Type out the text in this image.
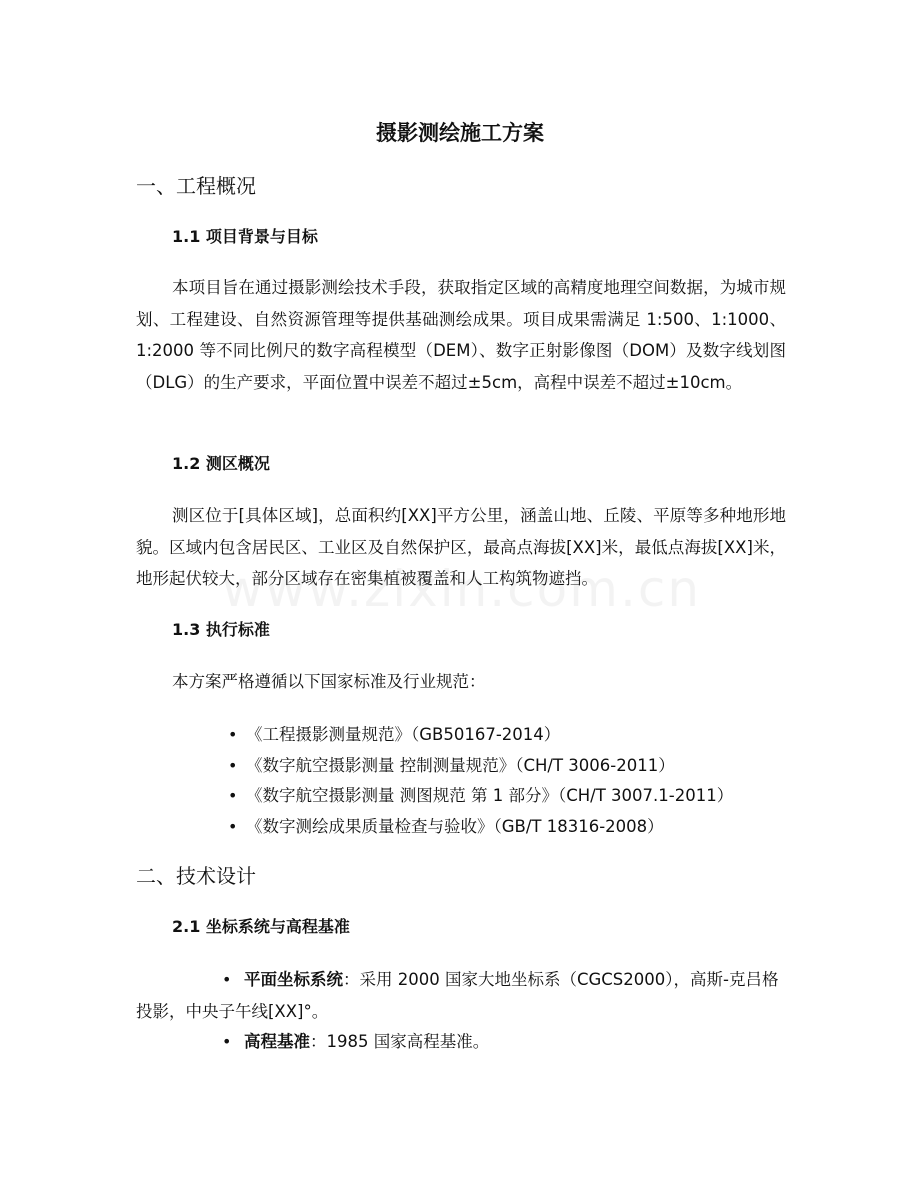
摄影测绘施工方案
一、工程概况
1.1 项目背景与目标

本项目旨在通过摄影测绘技术手段，获取指定区域的高精度地理空间数据，为城市规划、工程建设、自然资源管理等提供基础测绘成果。项目成果需满足 1:500、1:1000、1:2000 等不同比例尺的数字高程模型（DEM）、数字正射影像图（DOM）及数字线划图（DLG）的生产要求，平面位置中误差不超过±5cm，高程中误差不超过±10cm。

1.2 测区概况

测区位于[具体区域]，总面积约[XX]平方公里，涵盖山地、丘陵、平原等多种地形地貌。区域内包含居民区、工业区及自然保护区，最高点海拔[XX]米，最低点海拔[XX]米，地形起伏较大，部分区域存在密集植被覆盖和人工构筑物遮挡。

1.3 执行标准

本方案严格遵循以下国家标准及行业规范：

• 《工程摄影测量规范》（GB50167-2014）
• 《数字航空摄影测量 控制测量规范》（CH/T 3006-2011）
• 《数字航空摄影测量 测图规范 第 1 部分》（CH/T 3007.1-2011）
• 《数字测绘成果质量检查与验收》（GB/T 18316-2008）
二、技术设计
2.1 坐标系统与高程基准

• 平面坐标系统：采用 2000 国家大地坐标系（CGCS2000），高斯-克吕格投影，中央子午线[XX]°。

• 高程基准：1985 国家高程基准。
